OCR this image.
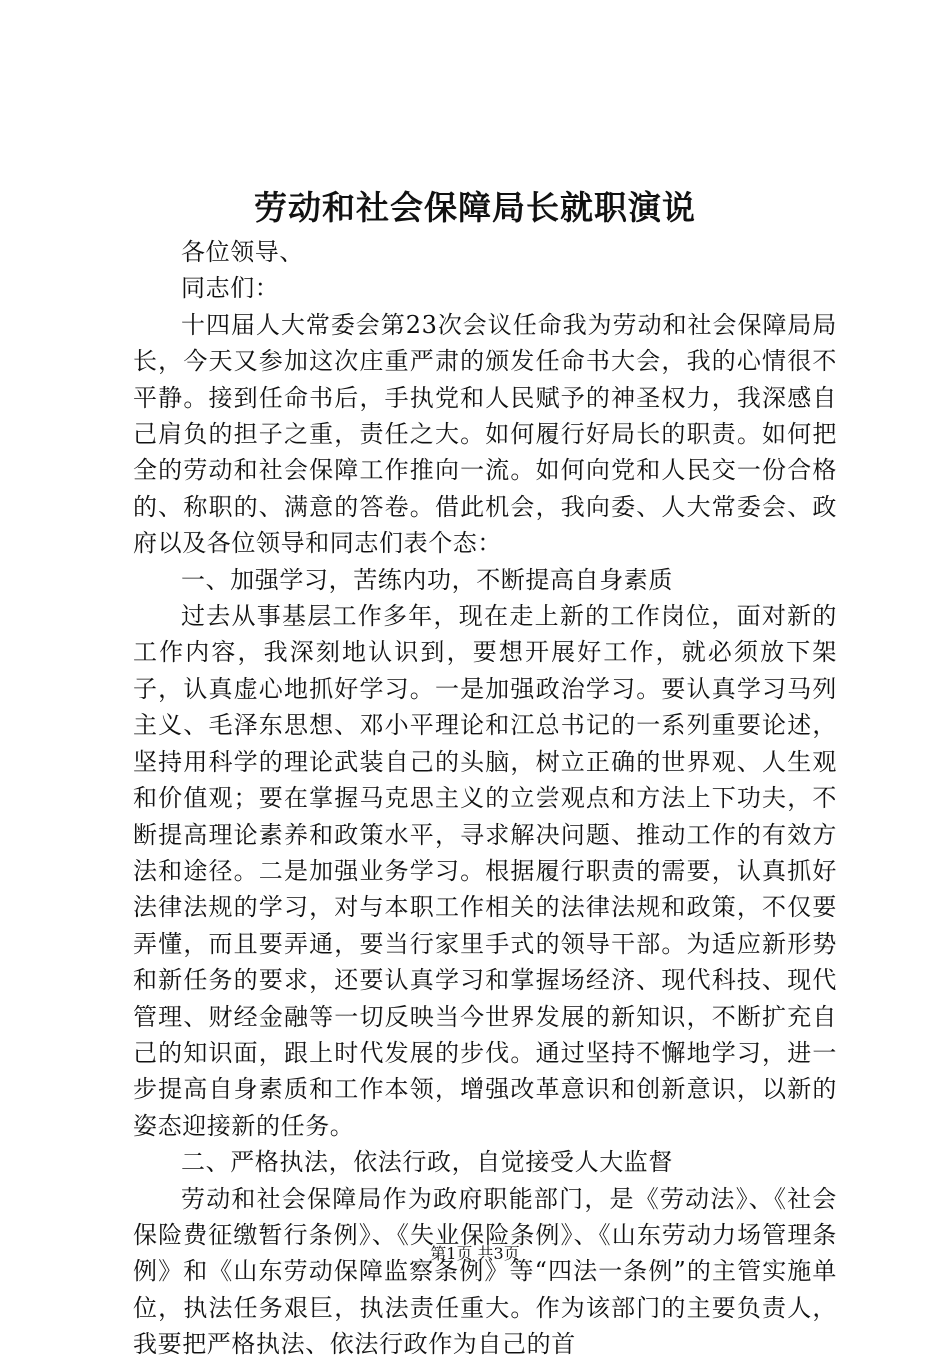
劳动和社会保障局长就职演说

各位领导、

同志们：

十四届人大常委会第23次会议任命我为劳动和社会保障局局长，今天又参加这次庄重严肃的颁发任命书大会，我的心情很不平静。接到任命书后，手执党和人民赋予的神圣权力，我深感自己肩负的担子之重，责任之大。如何履行好局长的职责。如何把全的劳动和社会保障工作推向一流。如何向党和人民交一份合格的、称职的、满意的答卷。借此机会，我向委、人大常委会、政府以及各位领导和同志们表个态：

一、加强学习，苦练内功，不断提高自身素质

过去从事基层工作多年，现在走上新的工作岗位，面对新的工作内容，我深刻地认识到，要想开展好工作，就必须放下架子，认真虚心地抓好学习。一是加强政治学习。要认真学习马列主义、毛泽东思想、邓小平理论和江总书记的一系列重要论述，坚持用科学的理论武装自己的头脑，树立正确的世界观、人生观和价值观；要在掌握马克思主义的立尝观点和方法上下功夫，不断提高理论素养和政策水平，寻求解决问题、推动工作的有效方法和途径。二是加强业务学习。根据履行职责的需要，认真抓好法律法规的学习，对与本职工作相关的法律法规和政策，不仅要弄懂，而且要弄通，要当行家里手式的领导干部。为适应新形势和新任务的要求，还要认真学习和掌握场经济、现代科技、现代管理、财经金融等一切反映当今世界发展的新知识，不断扩充自己的知识面，跟上时代发展的步伐。通过坚持不懈地学习，进一步提高自身素质和工作本领，增强改革意识和创新意识，以新的姿态迎接新的任务。

二、严格执法，依法行政，自觉接受人大监督

劳动和社会保障局作为政府职能部门，是《劳动法》、《社会保险费征缴暂行条例》、《失业保险条例》、《山东劳动力场管理条例》和《山东劳动保障监察条例》等“四法一条例”的主管实施单位，执法任务艰巨，执法责任重大。作为该部门的主要负责人，我要把严格执法、依法行政作为自己的首

第1页 共3页
